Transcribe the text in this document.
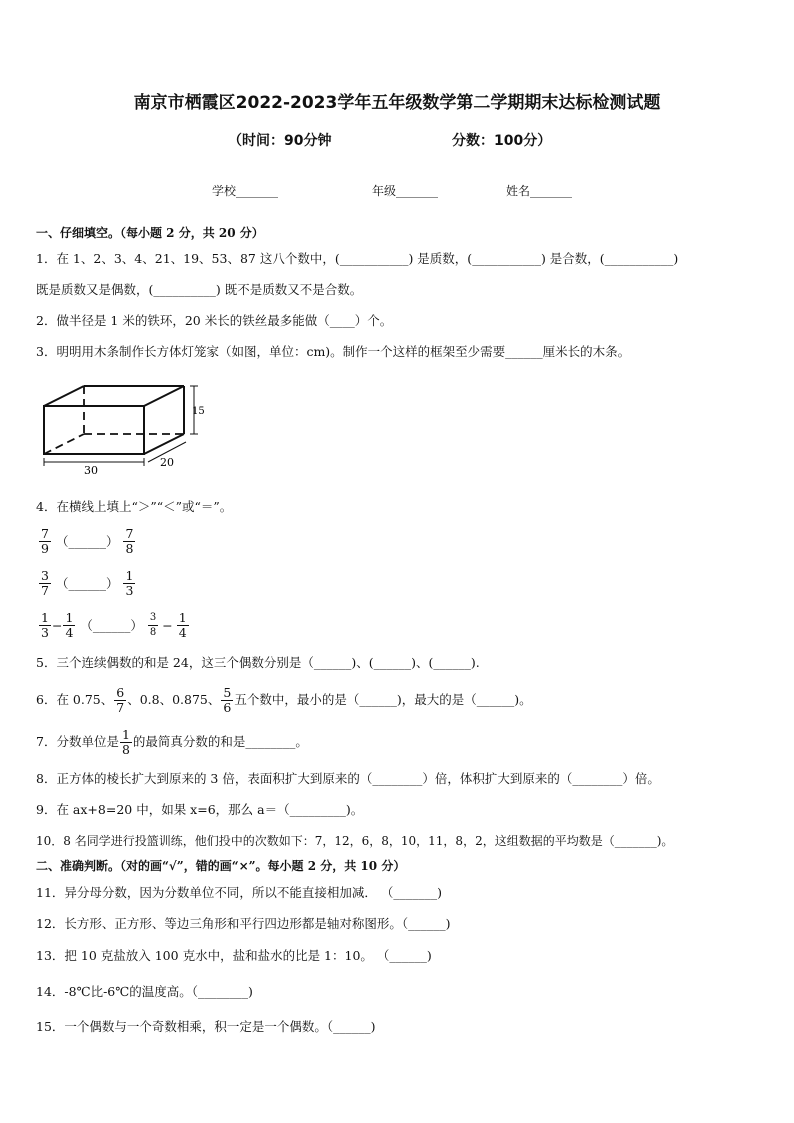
南京市栖霞区2022-2023学年五年级数学第二学期期末达标检测试题
（时间：90分钟	分数：100分）
学校_______	年级_______	姓名_______
一、仔细填空。（每小题 2 分，共 20 分）
1．在 1、2、3、4、21、19、53、87 这八个数中，(___________) 是质数，(___________) 是合数，(___________)
既是质数又是偶数，(__________) 既不是质数又不是合数。
2．做半径是 1 米的铁环，20 米长的铁丝最多能做（____）个。
3．明明用木条制作长方体灯笼家（如图，单位：cm)。制作一个这样的框架至少需要______厘米长的木条。
15
30
20
4．在横线上填上“＞”“＜”或“＝”。
$\frac{7}{9}$ （______） $\frac{7}{8}$
$\frac{3}{7}$ （______） $\frac{1}{3}$
$\frac{1}{3} - \frac{1}{4}$ （______） $\frac{3}{8} - \frac{1}{4}$
5．三个连续偶数的和是 24，这三个偶数分别是（______)、(______)、(______).
6．在 0.75、 $\frac{6}{7}$ 、0.8、0.875、 $\frac{5}{6}$ 五个数中，最小的是（______)，最大的是（______)。
7．分数单位是 $\frac{1}{8}$ 的最简真分数的和是________。
8．正方体的棱长扩大到原来的 3 倍，表面积扩大到原来的（________）倍，体积扩大到原来的（________）倍。
9．在 ax+8=20 中，如果 x=6，那么 a＝（_________)。
10．8 名同学进行投篮训练，他们投中的次数如下：7，12，6，8，10，11，8，2，这组数据的平均数是（_______)。
二、准确判断。（对的画“√”，错的画“×”。每小题 2 分，共 10 分）
11．异分母分数，因为分数单位不同，所以不能直接相加减． （_______)
12．长方形、正方形、等边三角形和平行四边形都是轴对称图形。（______)
13．把 10 克盐放入 100 克水中，盐和盐水的比是 1：10。 （______)
14．-8℃比-6℃的温度高。（________)
15．一个偶数与一个奇数相乘，积一定是一个偶数。（______)
